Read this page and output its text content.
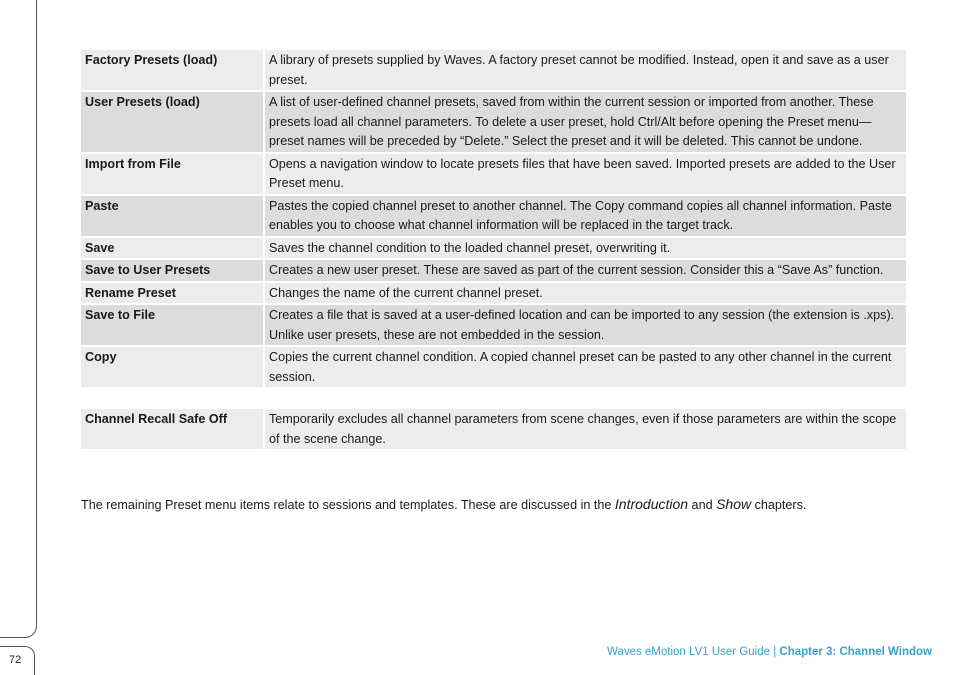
72
Factory Presets (load)	A library of presets supplied by Waves. A factory preset cannot be modified. Instead, open it and save as a user preset.
User Presets (load)	A list of user-defined channel presets, saved from within the current session or imported from another. These presets load all channel parameters. To delete a user preset, hold Ctrl/Alt before opening the Preset menu—preset names will be preceded by “Delete.” Select the preset and it will be deleted. This cannot be undone.
Import from File	Opens a navigation window to locate presets files that have been saved. Imported presets are added to the User Preset menu.
Paste	Pastes the copied channel preset to another channel. The Copy command copies all channel information. Paste enables you to choose what channel information will be replaced in the target track.
Save	Saves the channel condition to the loaded channel preset, overwriting it.
Save to User Presets	Creates a new user preset. These are saved as part of the current session. Consider this a “Save As” function.
Rename Preset	Changes the name of the current channel preset.
Save to File	Creates a file that is saved at a user-defined location and can be imported to any session (the extension is .xps). Unlike user presets, these are not embedded in the session.
Copy	Copies the current channel condition. A copied channel preset can be pasted to any other channel in the current session.
Channel Recall Safe Off	Temporarily excludes all channel parameters from scene changes, even if those parameters are within the scope of the scene change.
The remaining Preset menu items relate to sessions and templates. These are discussed in the Introduction and Show chapters.
Waves eMotion LV1 User Guide | Chapter 3: Channel Window
